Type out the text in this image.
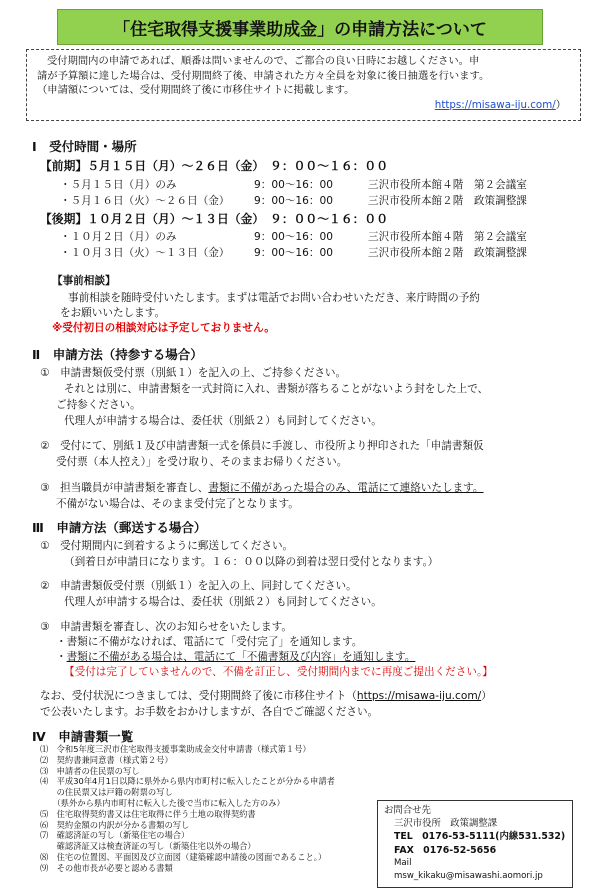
「住宅取得支援事業助成金」の申請方法について

受付期間内の申請であれば、順番は問いませんので、ご都合の良い日時にお越しください。申

請が予算額に達した場合は、受付期間終了後、申請された方々全員を対象に後日抽選を行います。

（申請額については、受付期間終了後に市移住サイトに掲載します。

https://misawa-iju.com/）

Ⅰ　受付時間・場所
【前期】５月１５日（月）～２６日（金）　９：００～１６：００
・５月１５日（月）のみ	9：00～16：00	三沢市役所本館４階　第２会議室
・５月１６日（火）～２６日（金） 9：00～16：00	三沢市役所本館２階　政策調整課
【後期】１０月２日（月）～１３日（金）　９：００～１６：００
・１０月２日（月）のみ	9：00～16：00	三沢市役所本館４階　第２会議室
・１０月３日（火）～１３日（金） 9：00～16：00	三沢市役所本館２階　政策調整課
【事前相談】
事前相談を随時受付いたします。まずは電話でお問い合わせいただき、来庁時間の予約
をお願いいたします。
※受付初日の相談対応は予定しておりません。
Ⅱ　申請方法（持参する場合）
①　申請書類仮受付票（別紙１）を記入の上、ご持参ください。
それとは別に、申請書類を一式封筒に入れ、書類が落ちることがないよう封をした上で、
ご持参ください。
代理人が申請する場合は、委任状（別紙２）も同封してください。
②　受付にて、別紙１及び申請書類一式を係員に手渡し、市役所より押印された「申請書類仮
受付票（本人控え）」を受け取り、そのままお帰りください。
③　担当職員が申請書類を審査し、書類に不備があった場合のみ、電話にて連絡いたします。
不備がない場合は、そのまま受付完了となります。
Ⅲ　申請方法（郵送する場合）
①　受付期間内に到着するように郵送してください。
（到着日が申請日になります。１６：００以降の到着は翌日受付となります。）
②　申請書類仮受付票（別紙１）を記入の上、同封してください。
代理人が申請する場合は、委任状（別紙２）も同封してください。
③　申請書類を審査し、次のお知らせをいたします。
・書類に不備がなければ、電話にて「受付完了」を通知します。
・書類に不備がある場合は、電話にて「不備書類及び内容」を通知します。
【受付は完了していませんので、不備を訂正し、受付期間内までに再度ご提出ください。】
なお、受付状況につきましては、受付期間終了後に市移住サイト（https://misawa-iju.com/）
で公表いたします。お手数をおかけしますが、各自でご確認ください。
Ⅳ　申請書類一覧

⑴　令和5年度三沢市住宅取得支援事業助成金交付申請書（様式第１号）

⑵　契約書兼同意書（様式第２号）

⑶　申請者の住民票の写し

⑷　平成30年4月1日以降に県外から県内市町村に転入したことが分かる申請者

　　の住民票又は戸籍の附票の写し

　　（県外から県内市町村に転入した後で当市に転入した方のみ）

⑸　住宅取得契約書又は住宅取得に伴う土地の取得契約書

⑹　契約金額の内訳が分かる書類の写し

⑺　確認済証の写し（新築住宅の場合）

　　確認済証又は検査済証の写し（新築住宅以外の場合）

⑻　住宅の位置図、平面図及び立面図（建築確認申請後の図面であること。）

⑼　その他市長が必要と認める書類

お問合せ先

三沢市役所　政策調整課

TEL　0176-53-5111(内線531.532)

FAX　0176-52-5656

Mail　msw_kikaku@misawashi.aomori.jp
